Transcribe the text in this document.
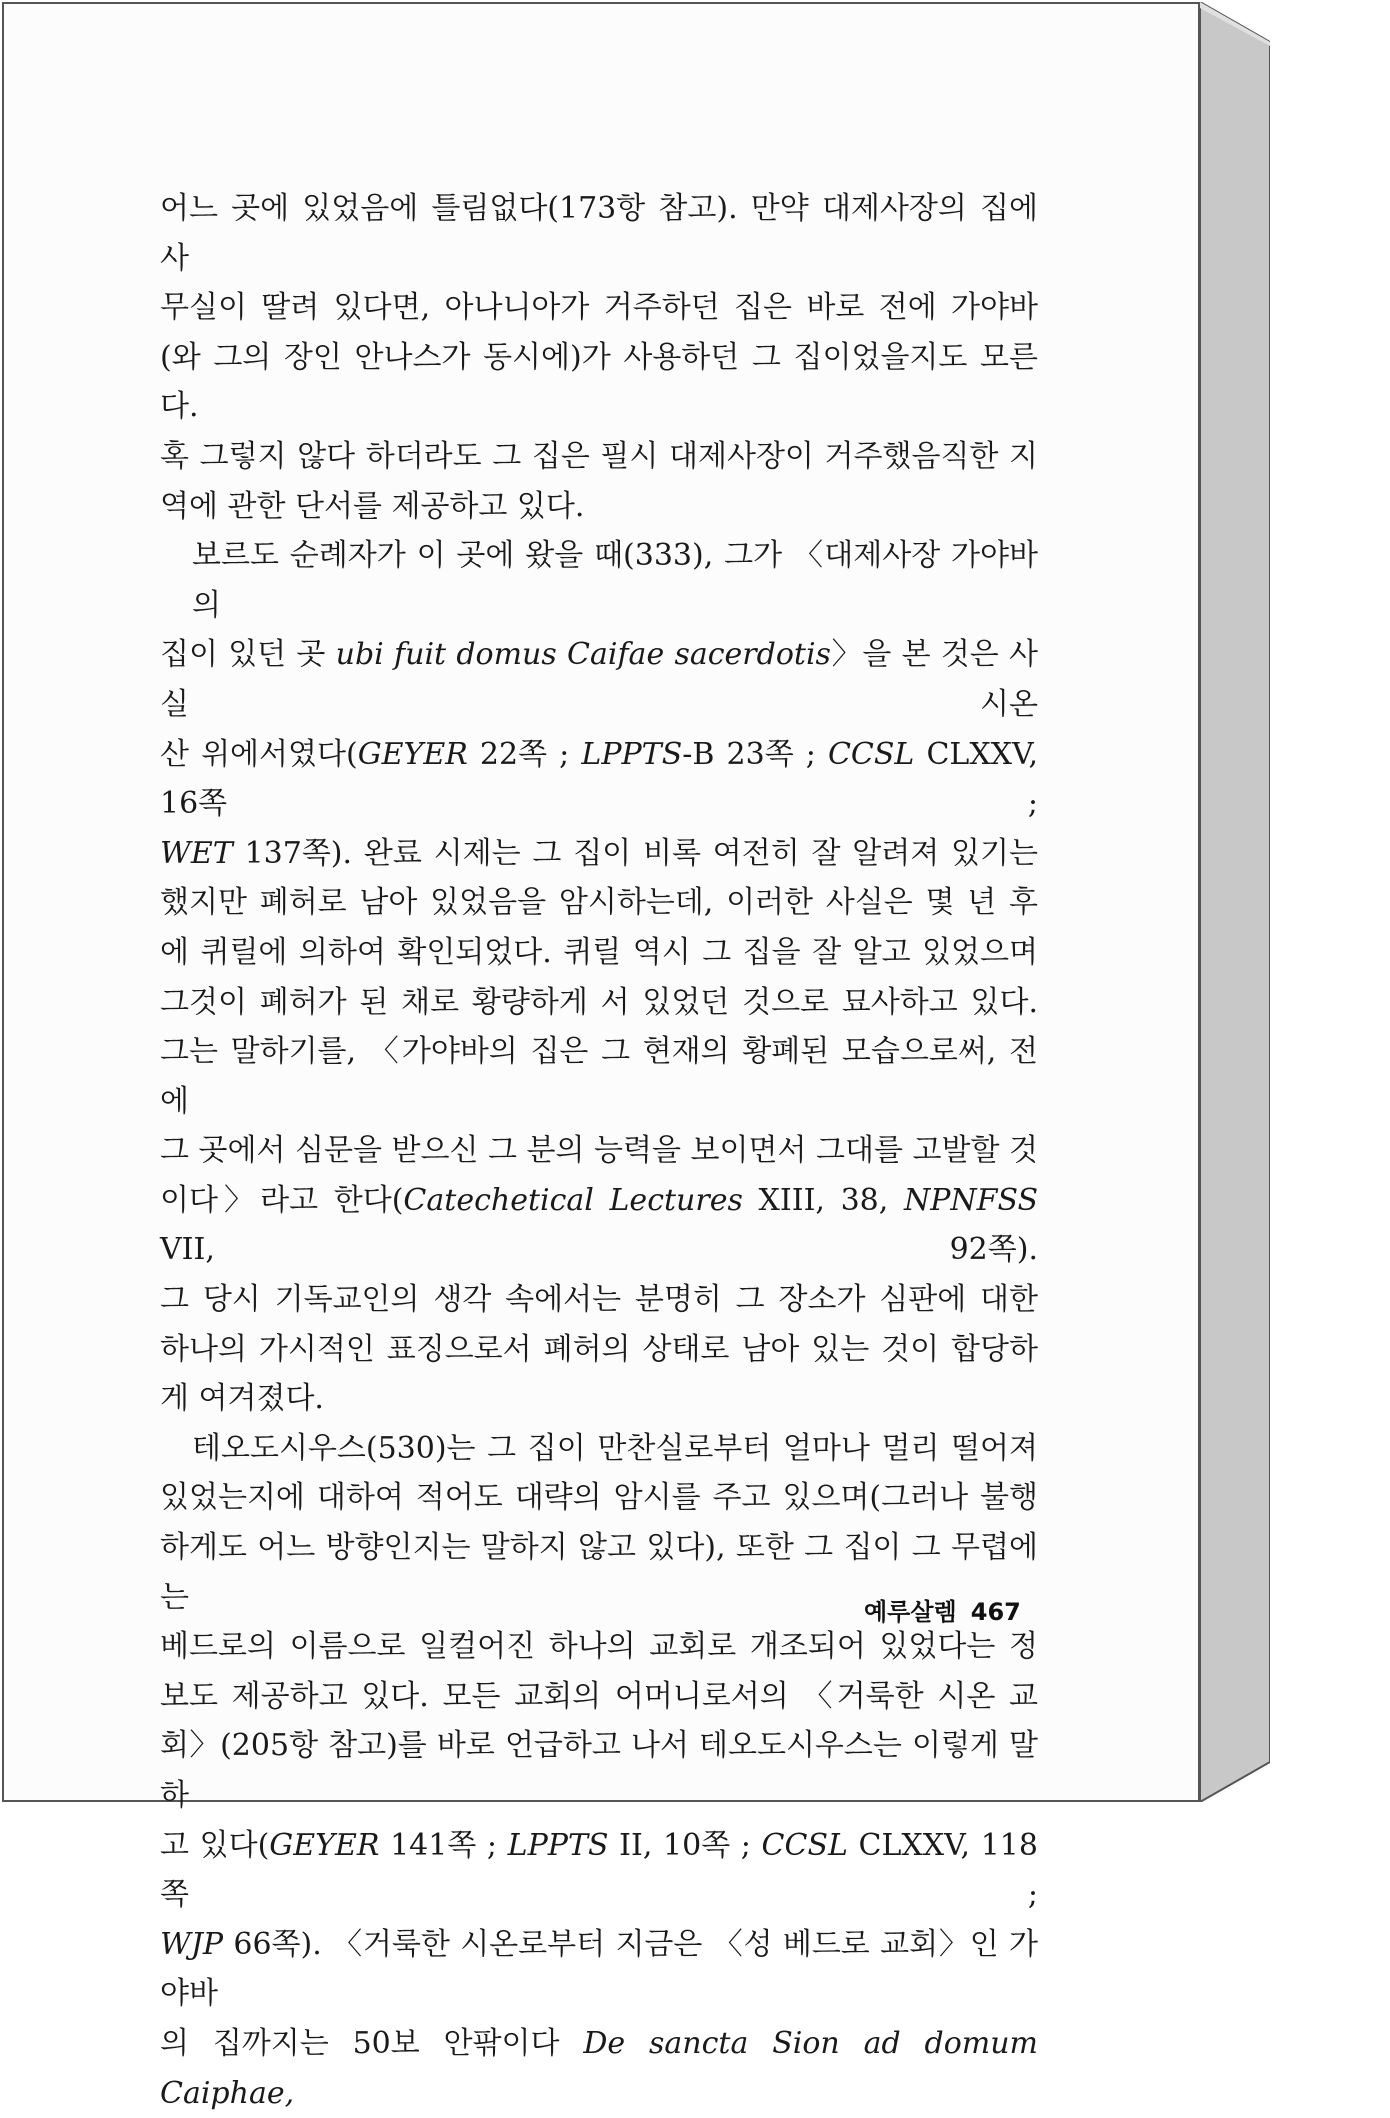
어느 곳에 있었음에 틀림없다(173항 참고). 만약 대제사장의 집에 사

무실이 딸려 있다면, 아나니아가 거주하던 집은 바로 전에 가야바

(와 그의 장인 안나스가 동시에)가 사용하던 그 집이었을지도 모른다.

혹 그렇지 않다 하더라도 그 집은 필시 대제사장이 거주했음직한 지

역에 관한 단서를 제공하고 있다.

보르도 순례자가 이 곳에 왔을 때(333), 그가 〈대제사장 가야바의

집이 있던 곳 ubi fuit domus Caifae sacerdotis〉을 본 것은 사실 시온

산 위에서였다(GEYER 22쪽 ; LPPTS-B 23쪽 ; CCSL CLXXV, 16쪽 ;

WET 137쪽). 완료 시제는 그 집이 비록 여전히 잘 알려져 있기는

했지만 폐허로 남아 있었음을 암시하는데, 이러한 사실은 몇 년 후

에 퀴릴에 의하여 확인되었다. 퀴릴 역시 그 집을 잘 알고 있었으며

그것이 폐허가 된 채로 황량하게 서 있었던 것으로 묘사하고 있다.

그는 말하기를, 〈가야바의 집은 그 현재의 황폐된 모습으로써, 전에

그 곳에서 심문을 받으신 그 분의 능력을 보이면서 그대를 고발할 것

이다〉라고 한다(Catechetical Lectures XIII, 38, NPNFSS VII, 92쪽).

그 당시 기독교인의 생각 속에서는 분명히 그 장소가 심판에 대한

하나의 가시적인 표징으로서 폐허의 상태로 남아 있는 것이 합당하

게 여겨졌다.

테오도시우스(530)는 그 집이 만찬실로부터 얼마나 멀리 떨어져

있었는지에 대하여 적어도 대략의 암시를 주고 있으며(그러나 불행

하게도 어느 방향인지는 말하지 않고 있다), 또한 그 집이 그 무렵에는

베드로의 이름으로 일컬어진 하나의 교회로 개조되어 있었다는 정

보도 제공하고 있다. 모든 교회의 어머니로서의 〈거룩한 시온 교

회〉(205항 참고)를 바로 언급하고 나서 테오도시우스는 이렇게 말하

고 있다(GEYER 141쪽 ; LPPTS II, 10쪽 ; CCSL CLXXV, 118쪽 ;

WJP 66쪽). 〈거룩한 시온로부터 지금은 〈성 베드로 교회〉인 가야바

의 집까지는 50보 안팎이다 De sancta Sion ad domum Caiphae,

예루살렘 467
